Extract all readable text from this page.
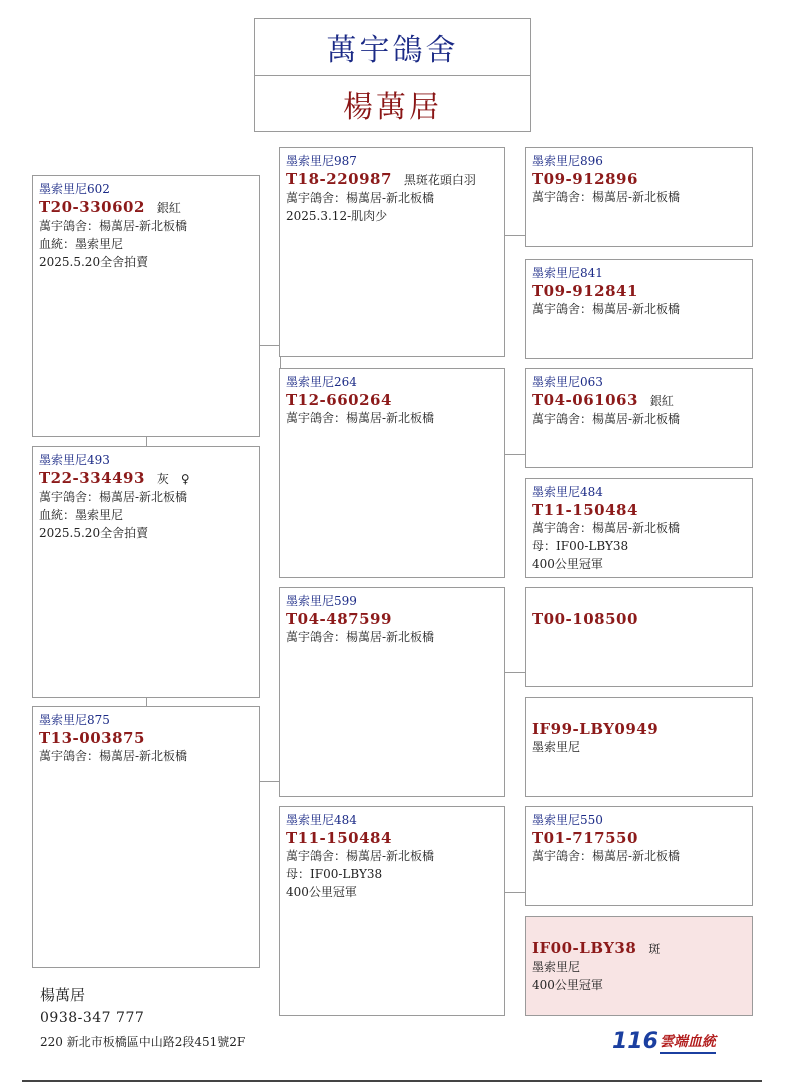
萬宇鴿舍
楊萬居
墨索里尼602
T20-330602 銀紅
萬宇鴿舍：楊萬居-新北板橋
血統：墨索里尼
2025.5.20全舍拍賣
墨索里尼493
T22-334493 灰　♀
萬宇鴿舍：楊萬居-新北板橋
血統：墨索里尼
2025.5.20全舍拍賣
墨索里尼875
T13-003875
萬宇鴿舍：楊萬居-新北板橋
墨索里尼987
T18-220987 黑斑花頭白羽
萬宇鴿舍：楊萬居-新北板橋
2025.3.12-肌肉少
墨索里尼264
T12-660264
萬宇鴿舍：楊萬居-新北板橋
墨索里尼599
T04-487599
萬宇鴿舍：楊萬居-新北板橋
墨索里尼484
T11-150484
萬宇鴿舍：楊萬居-新北板橋
母：IF00-LBY38
400公里冠軍
墨索里尼896
T09-912896
萬宇鴿舍：楊萬居-新北板橋
墨索里尼841
T09-912841
萬宇鴿舍：楊萬居-新北板橋
墨索里尼063
T04-061063 銀紅
萬宇鴿舍：楊萬居-新北板橋
墨索里尼484
T11-150484
萬宇鴿舍：楊萬居-新北板橋
母：IF00-LBY38
400公里冠軍
T00-108500
IF99-LBY0949
墨索里尼
墨索里尼550
T01-717550
萬宇鴿舍：楊萬居-新北板橋
IF00-LBY38 斑
墨索里尼
400公里冠軍
楊萬居
0938-347 777
220 新北市板橋區中山路2段451號2F	116 雲端血統
